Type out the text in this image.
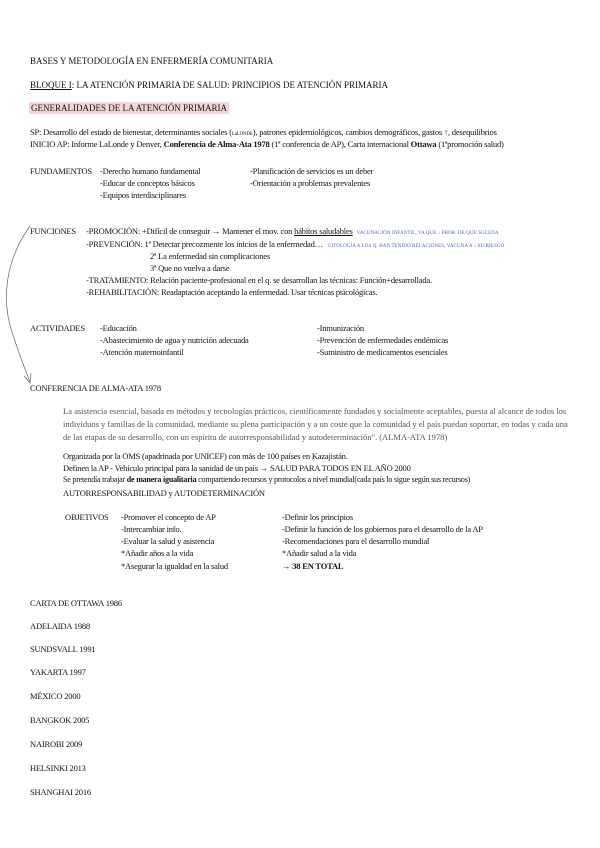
BASES Y METODOLOGÍA EN ENFERMERÍA COMUNITARIA
BLOQUE I: LA ATENCIÓN PRIMARIA DE SALUD: PRINCIPIOS DE ATENCIÓN PRIMARIA
GENERALIDADES DE LA ATENCIÓN PRIMARIA
SP: Desarrollo del estado de bienestar, determinantes sociales (LaLONDE), patrones epidemiológicos, cambios demográficos, gastos ↑, desequilibrios
INICIO AP: Informe LaLonde y Denver, Conferencia de Alma-Ata 1978 (1ª conferencia de AP), Carta internacional Ottawa (1ªpromoción salud)
FUNDAMENTOS -Derecho humano fundamental
-Educar de conceptos básicos
-Equipos interdisciplinares
-Planificación de servicios es un deber
-Orientación a problemas prevalentes
FUNCIONES -PROMOCIÓN: +Difícil de conseguir → Mantener el mov. con hábitos saludables VACUNACIÓN INFANTIL, YA QUE ↓ PROB. DE QUE SUCEDA
-PREVENCIÓN: 1ª Detectar precozmente los inicios de la enfermedad… CITOLOGÍA A LOS Q. HAN TENIDO RELACIONES, VACUNA A ↓ SU RIESGO
2ª La enfermedad sin complicaciones
3ª Que no vuelva a darse
-TRATAMIENTO: Relación paciente-profesional en el q. se desarrollan las técnicas: Función+desarrollada.
-REHABILITACIÓN: Readaptación aceptando la enfermedad. Usar técnicas psicológicas.
ACTIVIDADES -Educación
-Abastecimiento de agua y nutrición adecuada
-Atención maternoinfantil
-Inmunización
-Prevención de enfermedades endémicas
-Suministro de medicamentos esenciales
CONFERENCIA DE ALMA-ATA 1978
La asistencia esencial, basada en métodos y tecnologías prácticos, científicamente fundados y socialmente aceptables, puesta al alcance de todos los individuos y familias de la comunidad, mediante su plena participación y a un coste que la comunidad y el país puedan soportar, en todas y cada una de las etapas de su desarrollo, con un espíritu de autorresponsabilidad y autodeterminación". (ALMA-ATA 1978)
Organizada por la OMS (apadrinada por UNICEF) con más de 100 países en Kazajistán.
Definen la AP - Vehículo principal para la sanidad de un país → SALUD PARA TODOS EN EL AÑO 2000
Se pretendía trabajar de manera igualitaria compartiendo recursos y protocolos a nivel mundial(cada país lo sigue según sus recursos)
AUTORRESPONSABILIDAD y AUTODETERMINACIÓN
OBJETIVOS -Promover el concepto de AP
-Intercambiar info.
-Evaluar la salud y asistencia
*Añadir años a la vida
*Asegurar la igualdad en la salud
-Definir los principios
-Definir la función de los gobiernos para el desarrollo de la AP
-Recomendaciones para el desarrollo mundial
*Añadir salud a la vida
→ 38 EN TOTAL
CARTA DE OTTAWA 1986
ADELAIDA 1988
SUNDSVALL 1991
YAKARTA 1997
MÉXICO 2000
BANGKOK 2005
NAIROBI 2009
HELSINKI 2013
SHANGHAI 2016
